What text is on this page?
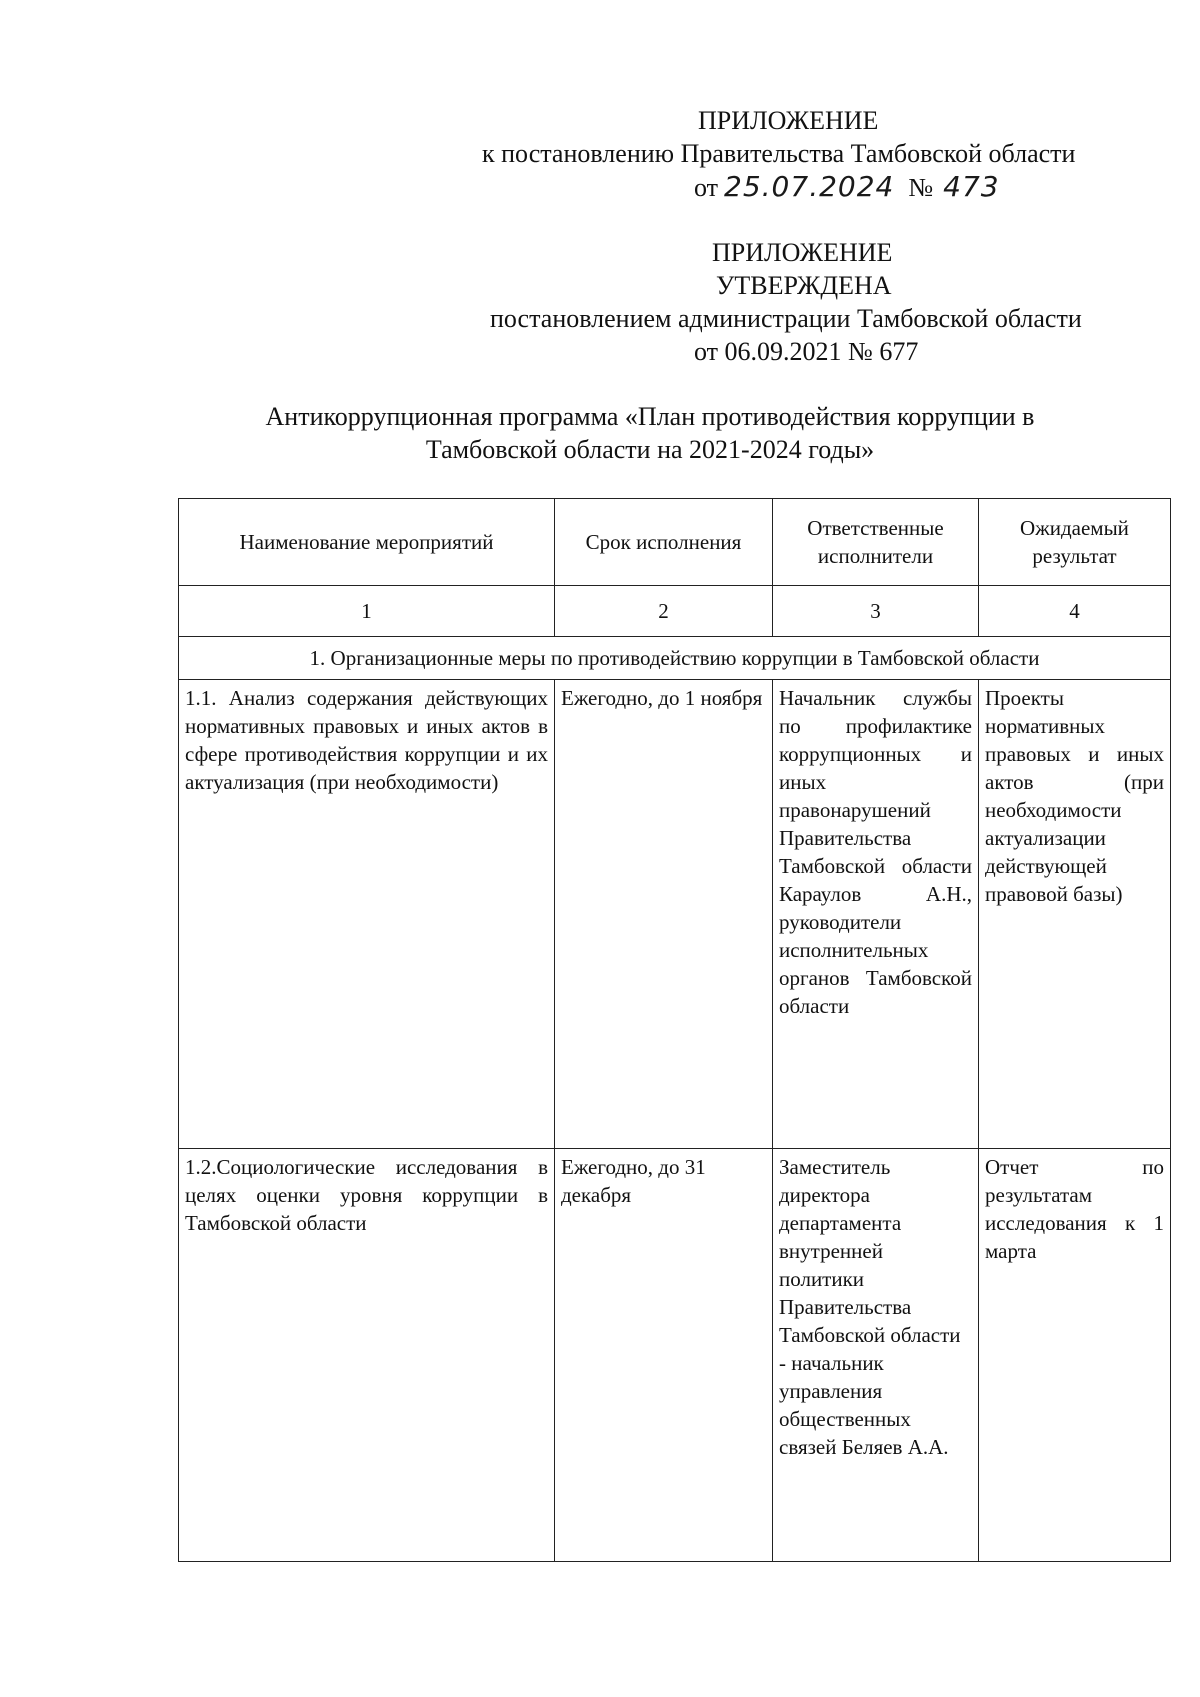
ПРИЛОЖЕНИЕ
к постановлению Правительства Тамбовской области
от 25.07.2024 № 473
ПРИЛОЖЕНИЕ
УТВЕРЖДЕНА
постановлением администрации Тамбовской области
от 06.09.2021 № 677
Антикоррупционная программа «План противодействия коррупции в
Тамбовской области на 2021-2024 годы»
Наименование мероприятий	Срок исполнения	Ответственные исполнители	Ожидаемый результат
1	2	3	4
1. Организационные меры по противодействию коррупции в Тамбовской области			
1.1. Анализ содержания действующих нормативных правовых и иных актов в сфере противодействия коррупции и их актуализация (при необходимости)	Ежегодно, до 1 ноября	Начальник службы по профилактике коррупционных и иных правонарушений Правительства Тамбовской области Караулов А.Н., руководители исполнительных органов Тамбовской области	Проекты нормативных правовых и иных актов (при необходимости актуализации действующей правовой базы)
1.2.Социологические исследования в целях оценки уровня коррупции в Тамбовской области	Ежегодно, до 31 декабря	Заместитель директора департамента внутренней политики Правительства Тамбовской области - начальник управления общественных связей Беляев А.А.	Отчет по результатам исследования к 1 марта
